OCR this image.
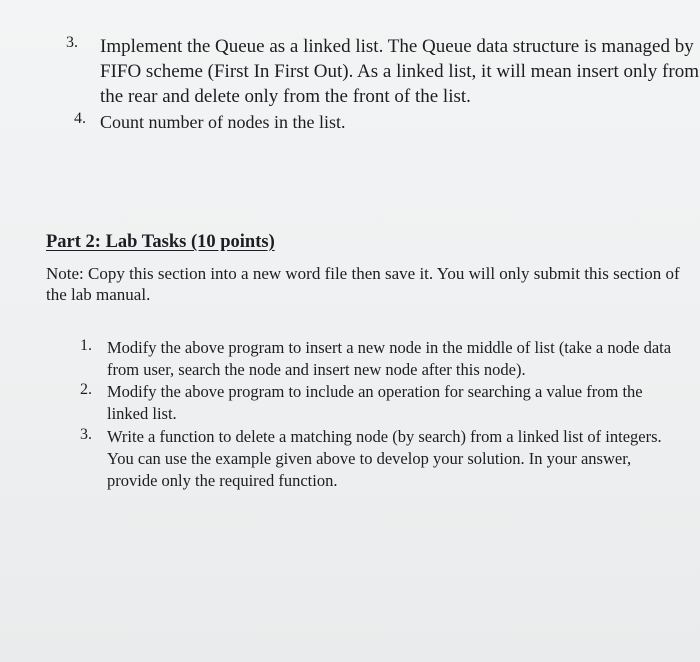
3.	Implement the Queue as a linked list. The Queue data structure is managed by FIFO scheme (First In First Out). As a linked list, it will mean insert only from the rear and delete only from the front of the list.
4. Count number of nodes in the list.
Part 2: Lab Tasks (10 points)
Note: Copy this section into a new word file then save it. You will only submit this section of the lab manual.
1. Modify the above program to insert a new node in the middle of list (take a node data from user, search the node and insert new node after this node).
2. Modify the above program to include an operation for searching a value from the linked list.
3. Write a function to delete a matching node (by search) from a linked list of integers. You can use the example given above to develop your solution. In your answer, provide only the required function.
